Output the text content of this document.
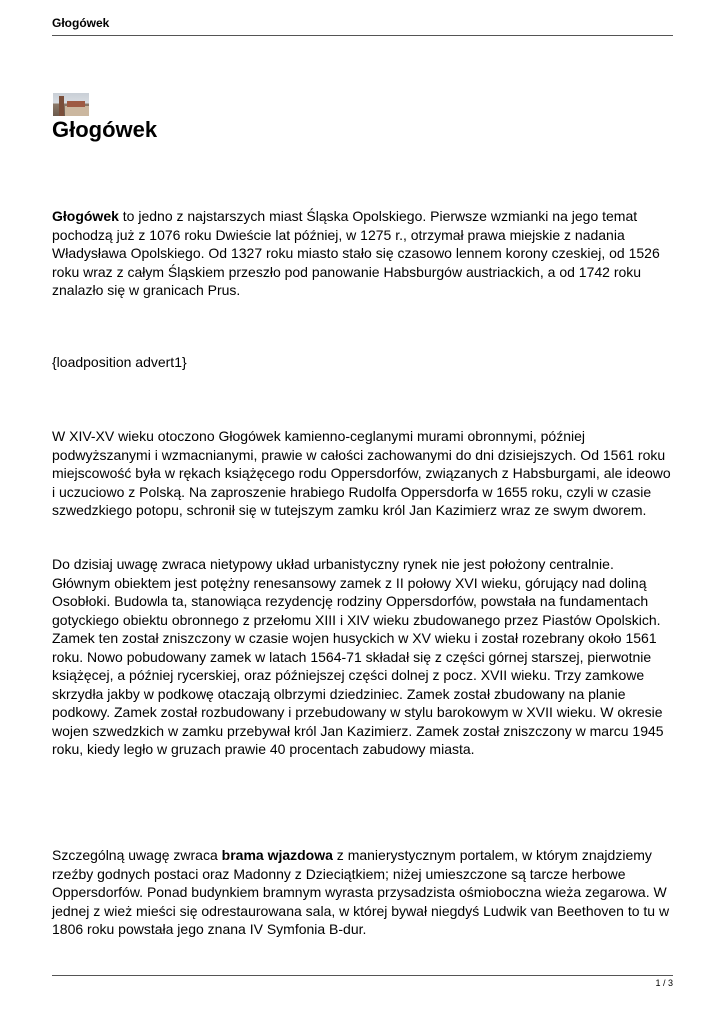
Głogówek
Głogówek

Głogówek to jedno z najstarszych miast Śląska Opolskiego. Pierwsze wzmianki na jego temat pochodzą już z 1076 roku Dwieście lat później, w 1275 r., otrzymał prawa miejskie z nadania Władysława Opolskiego. Od 1327 roku miasto stało się czasowo lennem korony czeskiej, od 1526 roku wraz z całym Śląskiem przeszło pod panowanie Habsburgów austriackich, a od 1742 roku znalazło się w granicach Prus.

{loadposition advert1}

W XIV-XV wieku otoczono Głogówek kamienno-ceglanymi murami obronnymi, później podwyższanymi i wzmacnianymi, prawie w całości zachowanymi do dni dzisiejszych. Od 1561 roku miejscowość była w rękach książęcego rodu Oppersdorfów, związanych z Habsburgami, ale ideowo i uczuciowo z Polską. Na zaproszenie hrabiego Rudolfa Oppersdorfa w 1655 roku, czyli w czasie szwedzkiego potopu, schronił się w tutejszym zamku król Jan Kazimierz wraz ze swym dworem.

Do dzisiaj uwagę zwraca nietypowy układ urbanistyczny rynek nie jest położony centralnie. Głównym obiektem jest potężny renesansowy zamek z II połowy XVI wieku, górujący nad doliną Osobłoki. Budowla ta, stanowiąca rezydencję rodziny Oppersdorfów, powstała na fundamentach gotyckiego obiektu obronnego z przełomu XIII i XIV wieku zbudowanego przez Piastów Opolskich. Zamek ten został zniszczony w czasie wojen husyckich w XV wieku i został rozebrany około 1561 roku. Nowo pobudowany zamek w latach 1564-71 składał się z części górnej starszej, pierwotnie książęcej, a później rycerskiej, oraz późniejszej części dolnej z pocz. XVII wieku. Trzy zamkowe skrzydła jakby w podkowę otaczają olbrzymi dziedziniec. Zamek został zbudowany na planie podkowy. Zamek został rozbudowany i przebudowany w stylu barokowym w XVII wieku. W okresie wojen szwedzkich w zamku przebywał król Jan Kazimierz. Zamek został zniszczony w marcu 1945 roku, kiedy legło w gruzach prawie 40 procentach zabudowy miasta.

Szczególną uwagę zwraca brama wjazdowa z manierystycznym portalem, w którym znajdziemy rzeźby godnych postaci oraz Madonny z Dzieciątkiem; niżej umieszczone są tarcze herbowe Oppersdorfów. Ponad budynkiem bramnym wyrasta przysadzista ośmioboczna wieża zegarowa. W jednej z wież mieści się odrestaurowana sala, w której bywał niegdyś Ludwik van Beethoven to tu w 1806 roku powstała jego znana IV Symfonia B-dur.

1 / 3
